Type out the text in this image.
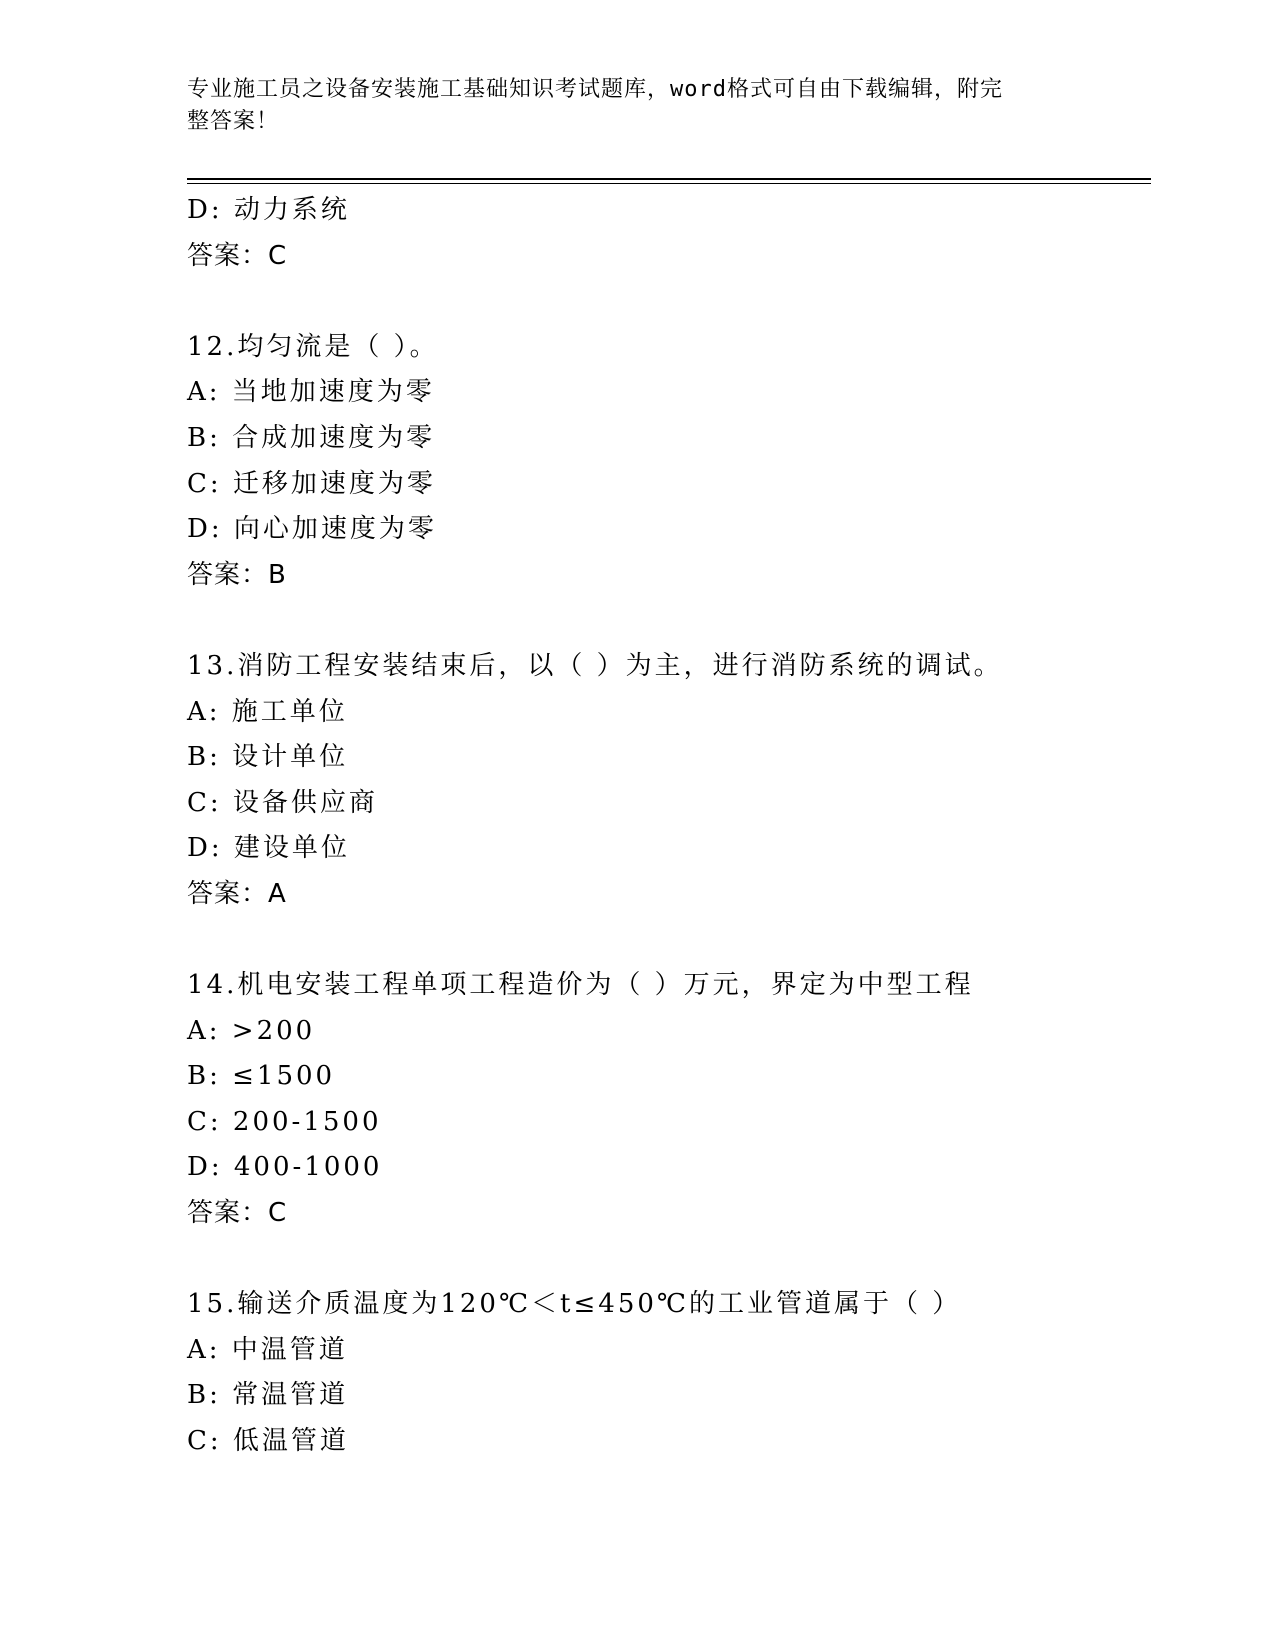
专业施工员之设备安装施工基础知识考试题库，word格式可自由下载编辑，附完
整答案！
D: 动力系统
答案：C
12.均匀流是（ ）。
A: 当地加速度为零
B: 合成加速度为零
C: 迁移加速度为零
D: 向心加速度为零
答案：B
13.消防工程安装结束后，以（ ）为主，进行消防系统的调试。
A: 施工单位
B: 设计单位
C: 设备供应商
D: 建设单位
答案：A
14.机电安装工程单项工程造价为（ ）万元，界定为中型工程
A: >200
B: ≤1500
C: 200-1500
D: 400-1000
答案：C
15.输送介质温度为120℃＜t≤450℃的工业管道属于（ ）
A: 中温管道
B: 常温管道
C: 低温管道
